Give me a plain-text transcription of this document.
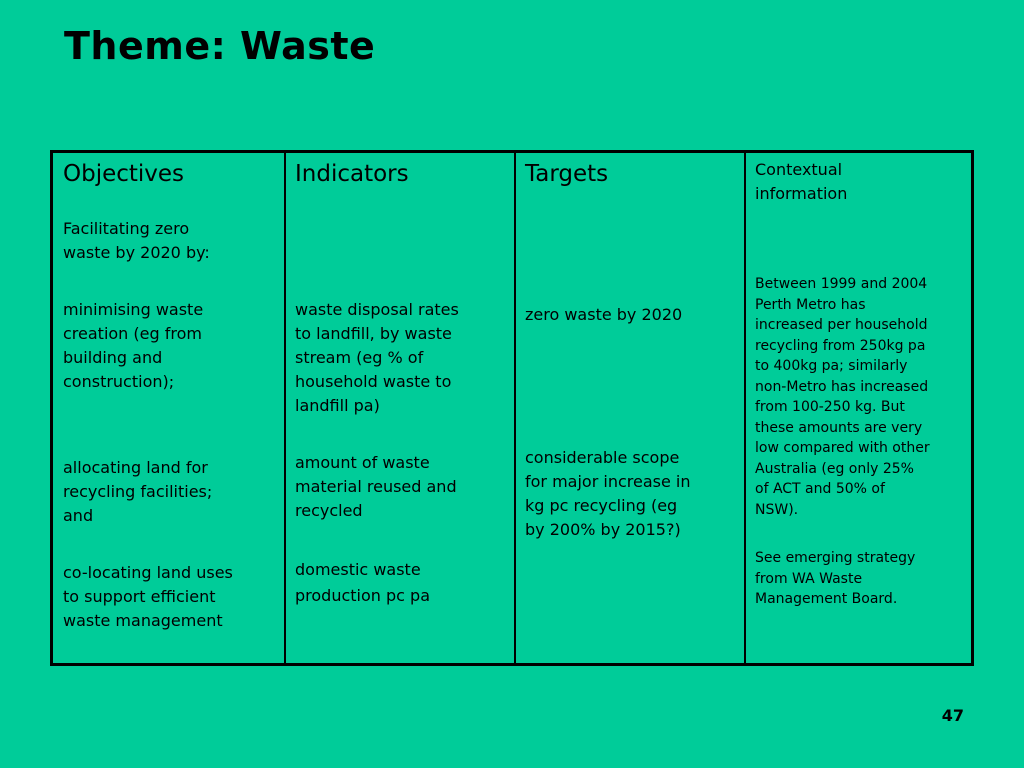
Theme: Waste
Objectives
Facilitating zero
waste by 2020 by:
minimising waste
creation (eg from
building and
construction);
allocating land for
recycling facilities;
and
co-locating land uses
to support efficient
waste management
Indicators
waste disposal rates
to landfill, by waste
stream (eg % of
household waste to
landfill pa)
amount of waste
material reused and
recycled
domestic waste
production pc pa
Targets
zero waste by 2020
considerable scope
for major increase in
kg pc recycling (eg
by 200% by 2015?)
Contextual
information
Between 1999 and 2004
Perth Metro has
increased per household
recycling from 250kg pa
to 400kg pa; similarly
non-Metro has increased
from 100-250 kg. But
these amounts are very
low compared with other
Australia (eg only 25%
of ACT and 50% of
NSW).
See emerging strategy
from WA Waste
Management Board.
47
